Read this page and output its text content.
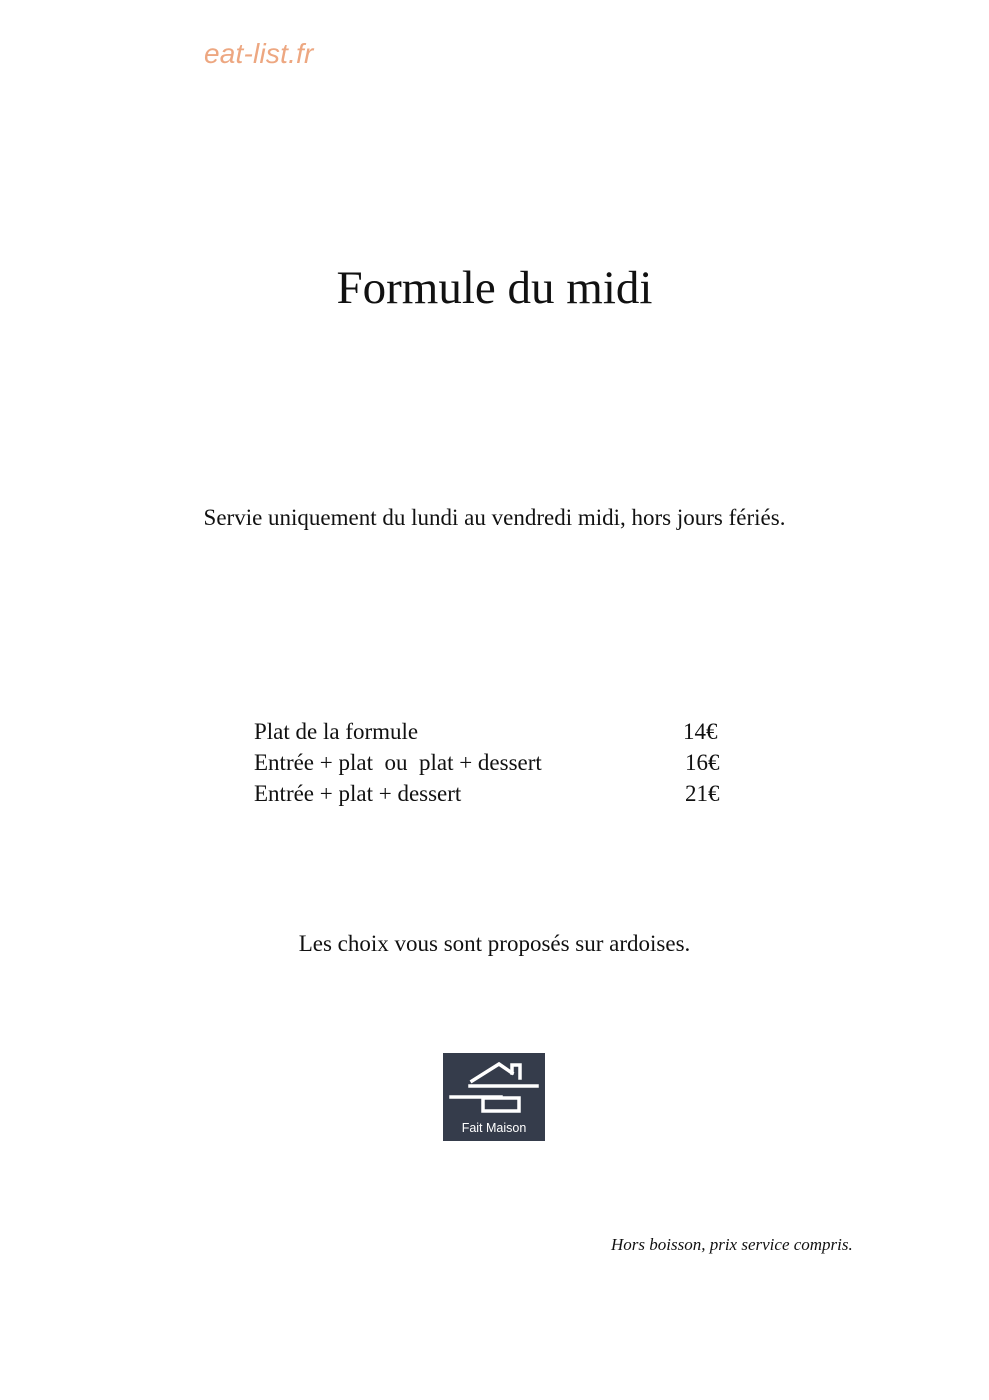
eat-list.fr
Formule du midi
Servie uniquement du lundi au vendredi midi, hors jours fériés.
Plat de la formule	14€
Entrée + plat  ou  plat + dessert	16€
Entrée + plat + dessert	21€
Les choix vous sont proposés sur ardoises.
Fait Maison
Hors boisson, prix service compris.
